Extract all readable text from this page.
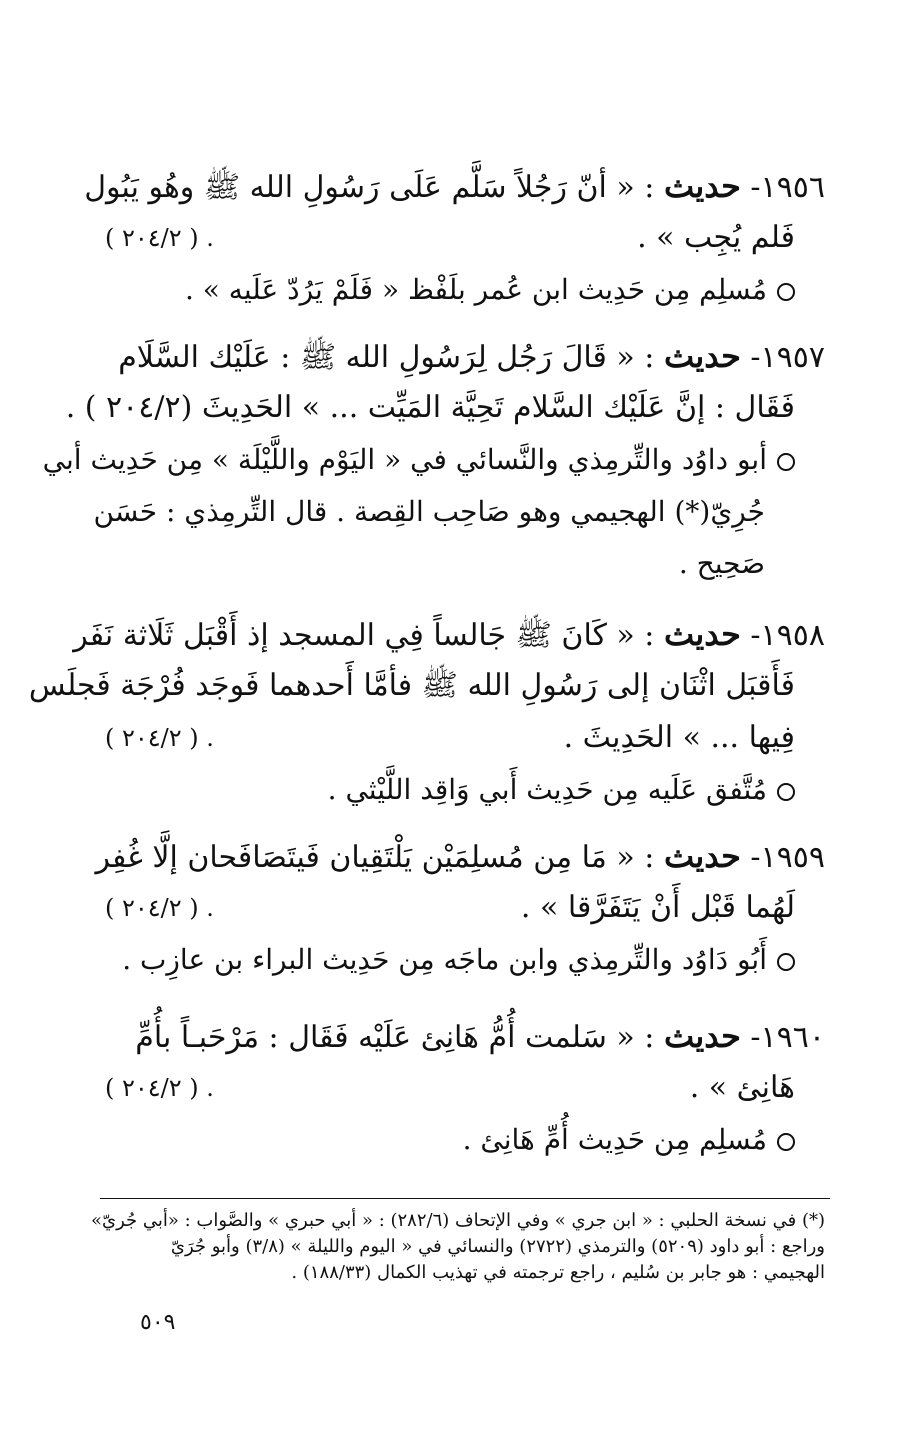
١٩٥٦- حديث : « أنّ رَجُلاً سَلَّم عَلَى رَسُولِ الله ﷺ وهُو يَبُول
فَلم يُجِب » .
( ٢٠٤/٢ ) .
مُسلِم مِن حَدِيث ابن عُمر بلَفْظ « فَلَمْ يَرُدّ عَلَيه » .
١٩٥٧- حديث : « قَالَ رَجُل لِرَسُولِ الله ﷺ : عَلَيْك السَّلَام
فَقَال : إنَّ عَلَيْك السَّلام تَحِيَّة المَيِّت ... » الحَدِيثَ (٢٠٤/٢ ) .
أبو داوُد والتِّرمِذي والنَّسائي في « اليَوْم واللَّيْلَة » مِن حَدِيث أبي
جُرِيّ(*) الهجيمي وهو صَاحِب القِصة . قال التِّرمِذي : حَسَن
صَحِيح .
١٩٥٨- حديث : « كَانَ ﷺ جَالساً فِي المسجد إذ أَقْبَل ثَلَاثة نَفَر
فَأَقبَل اثْنَان إلى رَسُولِ الله ﷺ فأمَّا أَحدهما فَوجَد فُرْجَة فَجلَس
فِيها ... » الحَدِيثَ .
( ٢٠٤/٢ ) .
مُتَّفق عَلَيه مِن حَدِيث أَبي وَاقِد اللَّيْثي .
١٩٥٩- حديث : « مَا مِن مُسلِمَيْن يَلْتَقِيان فَيتَصَافَحان إلَّا غُفِر
لَهُما قَبْل أَنْ يَتَفَرَّقا » .
( ٢٠٤/٢ ) .
أَبُو دَاوُد والتِّرمِذي وابن ماجَه مِن حَدِيث البراء بن عازِب .
١٩٦٠- حديث : « سَلمت أُمُّ هَانِئ عَلَيْه فَقَال : مَرْحَبـاً بأُمِّ
هَانِئ » .
( ٢٠٤/٢ ) .
مُسلِم مِن حَدِيث أُمِّ هَانِئ .
(*) في نسخة الحلبي : « ابن جري » وفي الإتحاف (٢٨٢/٦) : « أبي حبري » والصَّواب : «أبي جُريّ»
وراجع : أبو داود (٥٢٠٩) والترمذي (٢٧٢٢) والنسائي في « اليوم والليلة » (٣/٨) وأبو جُرَيّ
الهجيمي : هو جابر بن سُليم ، راجع ترجمته في تهذيب الكمال (١٨٨/٣٣) .
٥٠٩
